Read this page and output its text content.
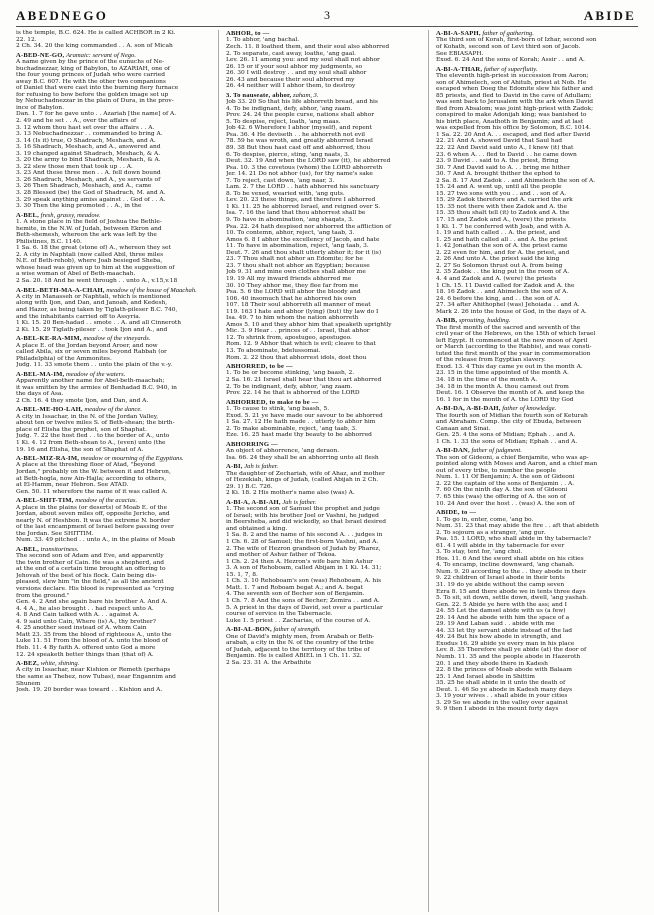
ABEDNEGO	3	ABIDE
is the temple, B.C. 624. He is called ACHBOR in 2 Ki.
22. 12.
2 Ch. 34. 20 the king commanded . . A. son of Micah
A-BED-NE-GO, Aramaic: servant of Nego.
A name given by the prince of the eunuchs of Ne-
buchadnezzar, king of Babylon, to AZARIAH, one of
the four young princes of Judah who were carried
away B.C. 607. He with the other two companions
of Daniel that were cast into the burning fiery furnace
for refusing to bow before the golden image set up
by Nebuchadnezzar in the plain of Dura, in the prov-
ince of Babylon.
Dan. 1. 7 for he gave unto . . Azariah [the name] of A.
2. 49 and he set . . A., over the affairs of
3. 12 whom thou hast set over the affairs . . A.
3. 13 Nebuchadnezzar . . commanded to bring A.
3. 14 (Is it) true, O Shadrach, Meshach, and A.
3. 16 Shadrach, Meshach, and A., answered and
3. 19 changed against Shadrach, Meshach, & A.
3. 20 the army to bind Shadrach, Meshach, & A.
3. 22 slew those men that took up . . A.
3. 23 And these three men . . A. fell down bound
3. 26 Shadrach, Meshach, and A., ye servants of
3. 26 Then Shadrach, Meshach, and A., came
3. 28 Blessed (be) the God of Shadrach, M. and A.
3. 29 speak anything amiss against . . God of . . A.
3. 30 Then the king promoted . . A., in the
A-BEL, fresh, grassy, meadow.
1. A stone place in the field of Joshua the Bethle-
hemite, in the N.W. of Judah, between Ekron and
Beth-shemesh, whereon the ark was left by the
Philistines, B.C. 1140.
1 Sa. 6. 18 the great (stone of) A., whereon they set
2. A city in Naphtali (now called Abil, three miles
N.E. of Beth-rehob), where Joab besieged Sheba,
whose head was given up to him at the suggestion of
a wise woman of Abel of Beth-maachah.
2 Sa. 20. 18 And he went through . . unto A., v.15,v.18
A-BEL-BETH-MA-A-CHAH, meadow of the house of Maachah.
A city in Manasseh or Naphtali, which is mentioned
along with Ijon, and Dan, and Janoah, and Kedesh,
and Hazor, as being taken by Tiglath-pileser B.C. 740,
and the inhabitants carried off to Assyria.
1 Ki. 15. 20 Ben-hadad . . smote . . A. and all Cinneroth
2 Ki. 15. 29 Tiglath-pileser . . took Ijon and A., and
A-BEL-KE-RA-MIM, meadow of the vineyards.
A place E. of the Jordan beyond Aroer, and now
called Abila, six or seven miles beyond Rabbah (or
Philadelphia) of the Ammonites.
Judg. 11. 33 smote them . . unto the plain of the v.-y.
A-BEL-MA-IM, meadow of the waters.
Apparently another name for Abel-beth-maachah;
it was smitten by the armies of Benhadad B.C. 940, in
the days of Asa.
2 Ch. 16. 4 they smote Ijon, and Dan, and A.
A-BEL-ME-HO-LAH, meadow of the dance.
A city in Issachar, in the N. of the Jordan Valley,
about ten or twelve miles S. of Beth-shean; the birth-
place of Elisha the prophet, son of Shaphat.
Judg. 7. 22 the host fled . . to the border of A., unto
1 Ki. 4. 12 from Beth-shean to A., (even) unto (the
19. 16 and Elisha, the son of Shaphat of A.
A-BEL-MIZ-RA-IM, meadow or mourning of the Egyptians.
A place at the threshing floor of Atad, "beyond
Jordan," probably on the W. between it and Hebron,
at Beth-hogla, now Ain-Hajla; according to others,
at El-Hamm, near Hebron. See ATAD.
Gen. 50. 11 wherefore the name of it was called A.
A-BEL-SHIT-TIM, meadow of the acacias.
A place in the plains (or deserts) of Moab E. of the
Jordan, about seven miles off, opposite Jericho, and
nearly N. of Heshbon. It was the extreme N. border
of the last encampment of Israel before passing over
the Jordan. See SHITTIM.
Num. 33. 49 pitched . . unto A., in the plains of Moab
A-BEL, transitoriness.
The second son of Adam and Eve, and apparently
the twin brother of Cain. He was a shepherd, and
at the end of a certain time brought an offering to
Jehovah of the best of his flock. Cain being dis-
pleased, slew him "in the field," as all the ancient
versions declare. His blood is represented as "crying
from the ground."
Gen. 4. 2 And she again bare his brother A. And A.
4. 4 A., he also brought . . had respect unto A.
4. 8 And Cain talked with A. . . against A.
4. 9 said unto Cain, Where (is) A., thy brother?
4. 25 another seed instead of A. whom Cain
Matt 23. 35 from the blood of righteous A., unto the
Luke 11. 51 From the blood of A. unto the blood of
Heb. 11. 4 By faith A. offered unto God a more
12. 24 speaketh better things than (that of) A.
A-BEZ, white, shining.
A city in Issachar, near Kishion or Remeth (perhaps
the same as Thebez, now Tubas), near Engannim and
Shunem
Josh. 19. 20 border was toward . . Kishion and A.
ABHOR, to —
1. To abhor, 'ang bachal.
Zech. 11. 8 loathed them, and their soul also abhorred
2. To separate, cast away, loathe, 'ang gaal.
Lev. 26. 11 among you: and my soul shall not abhor
26. 15 or if your soul abhor my judgments, so
26. 30 I will destroy . . and my soul shall abhor
26. 43 and because their soul abhorred my
26. 44 neither will I abhor them, to destroy
3. To nauseate, abhor, zaham, 3.
Job 33. 20 So that his life abhorreth bread, and his
4. To be indignant, defy, abhor, 'ang zaam.
Prov. 24. 24 the people curse, nations shall abhor
5. To despise, reject, loath, 'ang maas.
Job 42. 6 Wherefore I abhor (myself), and repent
Psa. 36. 4 He deviseth . . he abhorreth not evil
78. 59 he was wroth, and greatly abhorred Israel
89. 38 But thou hast cast off and abhorred, thou
6. To despise, pierce, sting, 'ang naats, 3.
Deut. 32. 19 And when the LORD saw (it), he abhorred
Psa. 10. 3 the covetous (whom) the LORD abhorreth
Jer. 14. 21 Do not abhor (us), for thy name's sake
7. To reject, cast down, 'ang naar, 3.
Lam. 2. 7 the LORD . . hath abhorred his sanctuary
8. To be vexed, wearied with, 'ang quts.
Lev. 20. 23 these things, and therefore I abhorred
1 Ki. 11. 25 he abhorred Israel, and reigned over S.
Isa. 7. 16 the land that thou abhorrest shall be
9. To have in abomination, 'ang shaqats, 3.
Psa. 22. 24 hath despised nor abhorred the affliction of
10. To contemn, abhor, reject, 'ang taab, 3.
Amos 6. 8 I abhor the excellency of Jacob, and hate
11. To have in abomination, reject, 'ang taab, 3.
Deut. 7. 26 and thou shalt utterly abhor it; for it (is)
23. 7 Thou shalt not abhor an Edomite; for he
23. 7 thou shalt not abhor an Egyptian; because
Job 9. 31 and mine own clothes shall abhor me
19. 19 All my inward friends abhorred me
30. 10 They abhor me, they flee far from me
Psa. 5. 6 the LORD will abhor the bloody and
106. 40 insomuch that he abhorred his own
107. 18 Their soul abhorreth all manner of meat
119. 163 I hate and abhor (lying) (but) thy law do I
Isa. 49. 7 to him whom the nation abhorreth
Amos 5. 10 and they abhor him that speaketh uprightly
Mic. 3. 9 Hear . . princes of . . Israel, that abhor
12. To shrink from, apostugeo, apostugeo.
Rom. 12. 9 Abhor that which is evil; cleave to that
13. To abominate, bdelussomai.
Rom. 2. 22 thou that abhorrest idols, dost thou
ABHORRED, to be —
1. To be or become stinking, 'ang baash, 2.
2 Sa. 16. 21 Israel shall hear that thou art abhorred
2. To be indignant, defy, abhor, 'ang zaam.
Prov. 22. 14 he that is abhorred of the LORD
ABHORRED, to make to be —
1. To cause to stink, 'ang baash, 5.
Exod. 5. 21 ye have made our savour to be abhorred
1 Sa. 27. 12 He hath made . . utterly to abhor him
2. To make abominable, reject, 'ang taab, 3.
Eze. 16. 25 hast made thy beauty to be abhorred
ABHORRING —
An object of abhorrence, 'ang deraon.
Isa. 66. 24 they shall be an abhorring unto all flesh
A-BI, Jah is father.
The daughter of Zechariah, wife of Ahaz, and mother
of Hezekiah, kings of Judah, (called Abijah in 2 Ch.
29. 1) B.C. 726.
2 Ki. 18. 2 His mother's name also (was) A.
A-BI-A, A-BI-AH, Jah is father.
1. The second son of Samuel the prophet and judge
of Israel; with his brother Joel or Vashni, he judged
in Beersheba, and did wickedly, so that Israel desired
and obtained a king.
1 Sa. 8. 2 and the name of his second A. . . judges in
1 Ch. 6. 28 of Samuel; the first-born Vashni, and A.
2. The wife of Hezron grandson of Judah by Pharez,
and mother of Ashur father of Tekoa.
1 Ch. 2. 24 then A. Hezron's wife bare him Ashur
3. A son of Rehoboam, called Abijam in 1 Ki. 14. 31;
15. 1, 7, 8.
1 Ch. 3. 10 Rehoboam's son (was) Rehoboam, A. his
Matt. 1. 7 and Roboam begat A.; and A. begat
4. The seventh son of Becher son of Benjamin.
1 Ch. 7. 8 And the sons of Becher; Zemira . . and A.
5. A priest in the days of David, set over a particular
course of service in the Tabernacle.
Luke 1. 5 priest . . Zacharias, of the course of A.
A-BI-AL-BON, father of strength.
One of David's mighty men, from Arabah or Beth-
arabah, a city in the N. of the country of the tribe
of Judah, adjacent to the territory of the tribe of
Benjamin. He is called ABIEL in 1 Ch. 11. 32.
2 Sa. 23. 31 A. the Arbathite
A-BI-A-SAPH, father of gathering.
The third son of Korah, first-born of Izhar, second son
of Kohath, second son of Levi third son of Jacob.
See EBIASAPH.
Exod. 6. 24 And the sons of Korah; Assir . . and A.
A-BI-A-THAR, father of superfluity.
The eleventh high-priest in succession from Aaron;
son of Ahimelech, son of Ahitub, priest at Nob. He
escaped when Doeg the Edomite slew his father and
85 priests, and fled to David in the cave of Adullam;
was sent back to Jerusalem with the ark when David
fled from Absalom; was joint high-priest with Zadok;
conspired to make Adonijah king; was banished to
his birth place, Anathoth in Benjamin; and at last
was expelled from his office by Solomon, B.C. 1014.
1 Sa. 22. 20 And A. . . escaped, and fled after David
22. 21 And A. showed David that Saul had
22. 22 And David said unto A., I knew (it) that
23. 6 when A. . . fled to David . . he came down
23. 9 David . . said to A. the priest, Bring
30. 7 And David said to A. . . bring me hither
30. 7 And A. brought thither the ephod to
2 Sa. 8. 17 And Zadok . . and Ahimelech the son of A.
15. 24 and A. went up, until all the people
15. 27 two sons with you . . and . . son of A.
15. 29 Zadok therefore and A. carried the ark
15. 35 not there with thee Zadok and A. the
15. 35 thou shalt tell (it) to Zadok and A. the
17. 15 and Zadok and A., (were) the priests
1 Ki. 1. 7 he conferred with Joab, and with A.
1. 19 and hath called . . A. the priest, and
1. 25 and hath called all . . and A. the priest
1. 42 Jonathan the son of A. the priest came
2. 22 even for him, and for A. the priest, and
2. 26 And unto A. the priest said the king
2. 27 So Solomon thrust out A. from being
2. 35 Zadok . . the king put in the room of A.
4. 4 and Zadok and A. (were) the priests
1 Ch. 15. 11 David called for Zadok and A. the
18. 16 Zadok . . and Abimelech the son of A.
24. 6 before the king, and . . the son of A.
27. 34 after Ahithophel (was) Jehoiada . . and A.
Mark 2. 26 into the house of God, in the days of A.
A-BIB, sprouting, budding.
The first month of the sacred and seventh of the
civil year of the Hebrews, on the 15th of which Israel
left Egypt. It commenced at the new moon of April
or March (according to the Rabbis), and was consti-
tuted the first month of the year in commemoration
of the release from Egyptian slavery.
Exod. 13. 4 This day came ye out in the month A.
23. 15 in the time appointed of the month A.
34. 18 in the time of the month A.
34. 18 in the month A. thou camest out from
Deut. 16. 1 Observe the month of A. and keep the
16. 1 for in the month of A. the LORD thy God
A-BI-DA, A-BI-DAH, father of knowledge.
The fourth son of Midian the fourth son of Keturah
and Abraham. Comp. the city of Ebuda, between
Canaan and Sinai.
Gen. 25. 4 the sons of Midian; Ephah . . and A.
1 Ch. 1. 33 the sons of Midian; Ephah . . and A.
A-BI-DAN, father of judgment.
The son of Gideoni, a chief Benjamite, who was ap-
pointed along with Moses and Aaron, and a chief man
out of every tribe, to number the people
Num. 1. 11 Of Benjamin; A. the son of Gideoni
2. 22 the captain of the sons of Benjamin . . A.
7. 60 On the ninth day A. the son of Gideoni
7. 65 this (was) the offering of A. the son of
10. 24 And over the host . . (was) A. the son of
ABIDE, to —
1. To go in, enter, come, 'ang bo.
Num. 31. 23 that may abide the fire . . aft that abideth
2. To sojourn as a stranger, 'ang gur.
Psa. 15. 1 LORD, who shall abide in thy tabernacle?
61. 4 I will abide in thy tabernacle for ever
3. To stay, tent for, 'ang chul.
Hos. 11. 6 And the sword shall abide on his cities
4. To encamp, incline downward, 'ang chanah.
Num. 9. 20 according to the . . they abode in their
9. 22 children of Israel abode in their tents
31. 19 do ye abide without the camp seven
Ezra 8. 15 and there abode we in tents three days
5. To sit, sit down, settle down, dwell, 'ang yashab.
Gen. 22. 5 Abide ye here with the ass; and I
24. 55 Let the damsel abide with us (a few)
29. 14 And he abode with him the space of a
29. 19 And Laban said . . abide with me
44. 33 let thy servant abide instead of the lad
49. 24 But his bow abode in strength, and
Exodus 16. 29 abide ye every man in his place
Lev. 8. 35 Therefore shall ye abide (at) the door of
Numb. 11. 35 and the people abode in Hazeroth
20. 1 and they abode there in Kadesh
22. 8 the princes of Moab abode with Balaam
25. 1 And Israel abode in Shittim
35. 25 he shall abide in it unto the death of
Deut. 1. 46 So ye abode in Kadesh many days
3. 19 your wives . . shall abide in your cities
3. 29 So we abode in the valley over against
9. 9 then I abode in the mount forty days
